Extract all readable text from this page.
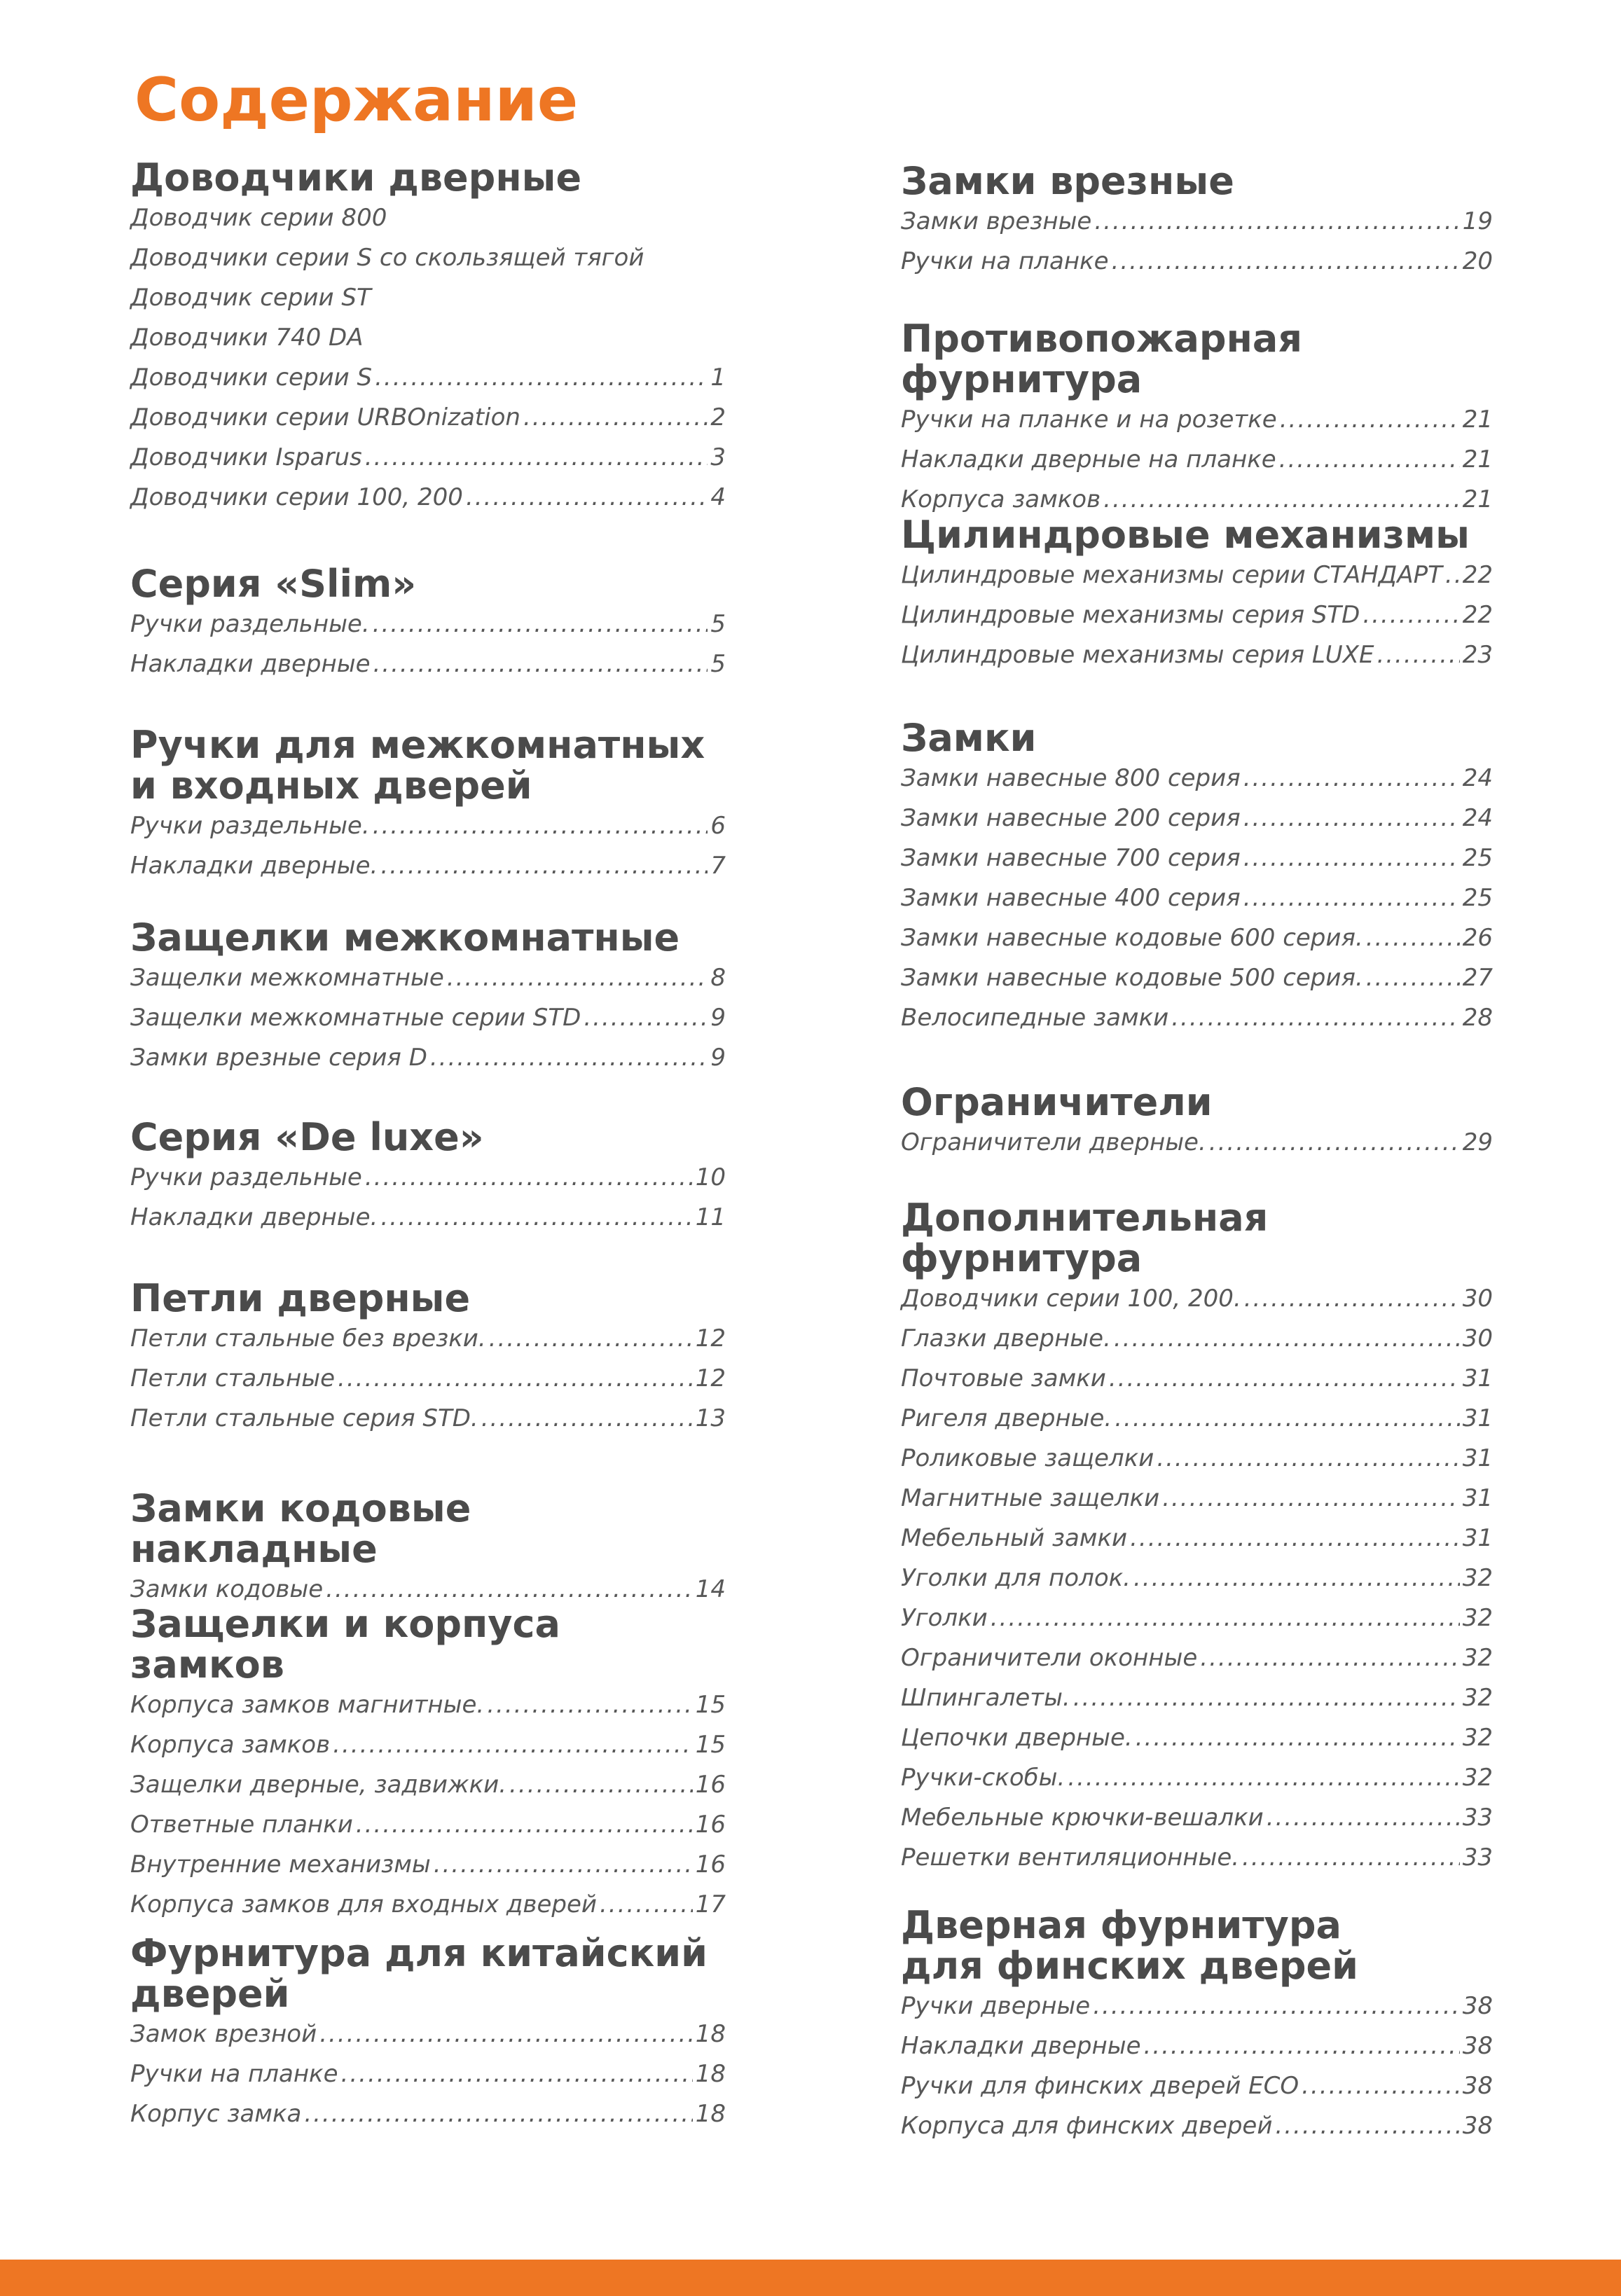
Содержание
Доводчики дверные
Доводчик серии 800
Доводчики серии S со скользящей тягой
Доводчик серии ST
Доводчики 740 DA
Доводчики серии S .....	1
Доводчики серии URBOnization .....	2
Доводчики Isparus .....	3
Доводчики серии 100, 200 .....	4
Серия «Slim»
Ручки раздельные. .....	5
Накладки дверные .....	5
Ручки для межкомнатных
и входных дверей
Ручки раздельные. .....	6
Накладки дверные. .....	7
Защелки межкомнатные
Защелки межкомнатные .....	8
Защелки межкомнатные серии STD .....	9
Замки врезные серия D .....	9
Серия «De luxe»
Ручки раздельные .....	10
Накладки дверные. .....	11
Петли дверные
Петли стальные без врезки. .....	12
Петли стальные .....	12
Петли стальные серия STD. .....	13
Замки кодовые накладные
Замки кодовые .....	14
Защелки и корпуса замков
Корпуса замков магнитные. .....	15
Корпуса замков .....	15
Защелки дверные, задвижки. .....	16
Ответные планки .....	16
Внутренние механизмы .....	16
Корпуса замков для входных дверей .....	17
Фурнитура для китайский
дверей
Замок врезной .....	18
Ручки на планке .....	18
Корпус замка .....	18
Замки врезные
Замки врезные .....	19
Ручки на планке .....	20
Противопожарная фурнитура
Ручки на планке и на розетке .....	21
Накладки дверные на планке .....	21
Корпуса замков .....	21
Цилиндровые механизмы
Цилиндровые механизмы серии СТАНДАРТ ..... 22
Цилиндровые механизмы серия STD .....	22
Цилиндровые механизмы серия LUXE .....	23
Замки
Замки навесные 800 серия .....	24
Замки навесные 200 серия .....	24
Замки навесные 700 серия .....	25
Замки навесные 400 серия .....	25
Замки навесные кодовые 600 серия. .....	26
Замки навесные кодовые 500 серия. .....	27
Велосипедные замки .....	28
Ограничители
Ограничители дверные. .....	29
Дополнительная фурнитура
Доводчики серии 100, 200. .....	30
Глазки дверные. .....	30
Почтовые замки .....	31
Ригеля дверные. .....	31
Роликовые защелки .....	31
Магнитные защелки .....	31
Мебельный замки .....	31
Уголки для полок. .....	32
Уголки .....	32
Ограничители оконные .....	32
Шпингалеты. .....	32
Цепочки дверные. .....	32
Ручки-скобы. .....	32
Мебельные крючки-вешалки .....	33
Решетки вентиляционные. .....	33
Дверная фурнитура
для финских дверей
Ручки дверные .....	38
Накладки дверные .....	38
Ручки для финских дверей ECO .....	38
Корпуса для финских дверей .....	38
